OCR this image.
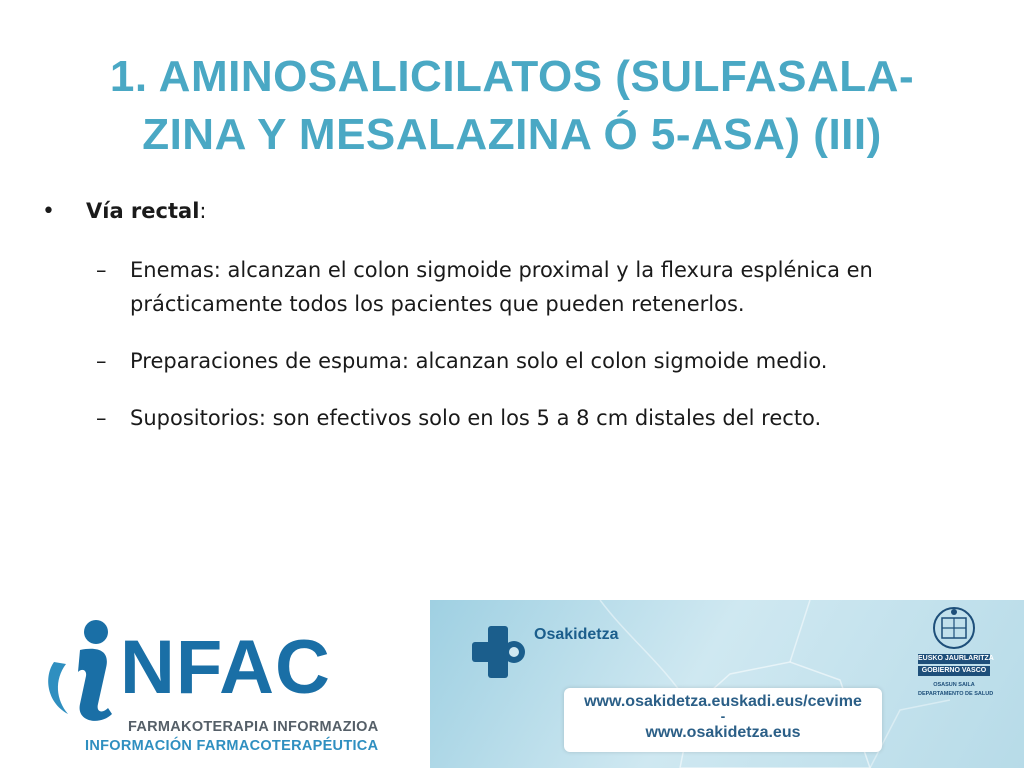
1. AMINOSALICILATOS (SULFASALA-
ZINA Y MESALAZINA Ó 5-ASA) (III)
•	Vía rectal:
–	Enemas: alcanzan el colon sigmoide proximal y la flexura esplénica en prácticamente todos los pacientes que pueden retenerlos.
–	Preparaciones de espuma: alcanzan solo el colon sigmoide medio.
–	Supositorios: son efectivos solo en los 5 a 8 cm distales del recto.
NFAC
FARMAKOTERAPIA INFORMAZIOA
INFORMACIÓN FARMACOTERAPÉUTICA
Osakidetza
EUSKO JAURLARITZA
GOBIERNO VASCO
OSASUN SAILA
DEPARTAMENTO DE SALUD
www.osakidetza.euskadi.eus/cevime
-
www.osakidetza.eus
